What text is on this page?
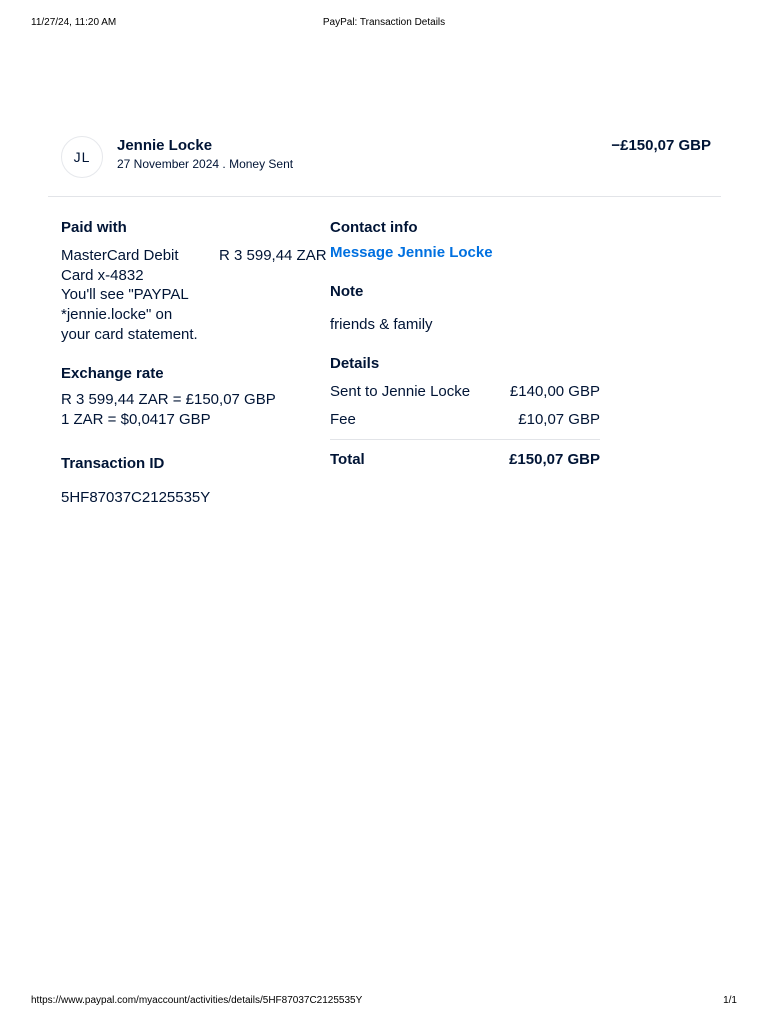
11/27/24, 11:20 AM	PayPal: Transaction Details
JL
Jennie Locke
27 November 2024 . Money Sent
−£150,07 GBP
Paid with
MasterCard Debit
Card x-4832
R 3 599,44 ZAR
You'll see "PAYPAL
*jennie.locke" on
your card statement.
Exchange rate
R 3 599,44 ZAR = £150,07 GBP
1 ZAR = $0,0417 GBP
Transaction ID
5HF87037C2125535Y
Contact info
Message Jennie Locke
Note
friends & family
Details
Sent to Jennie Locke	£140,00 GBP
Fee	£10,07 GBP
Total	£150,07 GBP
https://www.paypal.com/myaccount/activities/details/5HF87037C2125535Y	1/1
